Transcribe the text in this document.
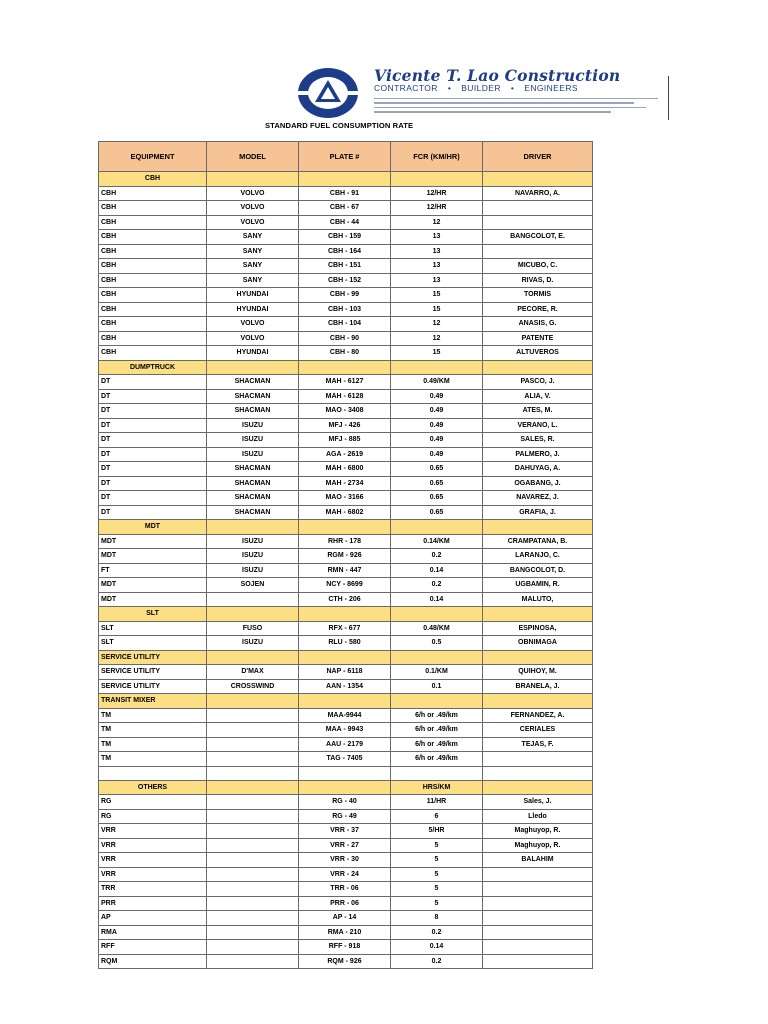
Vicente T. Lao Construction
CONTRACTOR • BUILDER • ENGINEERS
STANDARD FUEL CONSUMPTION RATE
EQUIPMENT	MODEL	PLATE #	FCR (KM/HR)	DRIVER
CBH				
CBH	VOLVO	CBH - 91	12/HR	NAVARRO, A.
CBH	VOLVO	CBH - 67	12/HR	
CBH	VOLVO	CBH - 44	12	
CBH	SANY	CBH - 159	13	BANGCOLOT, E.
CBH	SANY	CBH - 164	13	
CBH	SANY	CBH - 151	13	MICUBO, C.
CBH	SANY	CBH - 152	13	RIVAS, D.
CBH	HYUNDAI	CBH - 99	15	TORMIS
CBH	HYUNDAI	CBH - 103	15	PECORE, R.
CBH	VOLVO	CBH - 104	12	ANASIS, G.
CBH	VOLVO	CBH - 90	12	PATENTE
CBH	HYUNDAI	CBH - 80	15	ALTUVEROS
DUMPTRUCK				
DT	SHACMAN	MAH - 6127	0.49/KM	PASCO, J.
DT	SHACMAN	MAH - 6128	0.49	ALIA, V.
DT	SHACMAN	MAO - 3408	0.49	ATES, M.
DT	ISUZU	MFJ - 426	0.49	VERANO, L.
DT	ISUZU	MFJ - 885	0.49	SALES, R.
DT	ISUZU	AGA - 2619	0.49	PALMERO, J.
DT	SHACMAN	MAH - 6800	0.65	DAHUYAG, A.
DT	SHACMAN	MAH - 2734	0.65	OGABANG, J.
DT	SHACMAN	MAO - 3166	0.65	NAVAREZ, J.
DT	SHACMAN	MAH - 6802	0.65	GRAFIA, J.
MDT				
MDT	ISUZU	RHR - 178	0.14/KM	CRAMPATANA, B.
MDT	ISUZU	RGM - 926	0.2	LARANJO, C.
FT	ISUZU	RMN - 447	0.14	BANGCOLOT, D.
MDT	SOJEN	NCY - 8699	0.2	UGBAMIN, R.
MDT		CTH - 206	0.14	MALUTO,
SLT				
SLT	FUSO	RFX - 677	0.48/KM	ESPINOSA,
SLT	ISUZU	RLU - 580	0.5	OBNIMAGA
SERVICE UTILITY				
SERVICE UTILITY	D'MAX	NAP - 6118	0.1/KM	QUIHOY, M.
SERVICE UTILITY	CROSSWIND	AAN - 1354	0.1	BRANELA, J.
TRANSIT MIXER				
TM		MAA-9944	6/h or .49/km	FERNANDEZ, A.
TM		MAA - 9943	6/h or .49/km	CERIALES
TM		AAU - 2179	6/h or .49/km	TEJAS, F.
TM		TAG - 7405	6/h or .49/km	

OTHERS			HRS/KM	
RG		RG - 40	11/HR	Sales, J.
RG		RG - 49	6	Lledo
VRR		VRR - 37	5/HR	Maghuyop, R.
VRR		VRR - 27	5	Maghuyop, R.
VRR		VRR - 30	5	BALAHIM
VRR		VRR - 24	5	
TRR		TRR - 06	5	
PRR		PRR - 06	5	
AP		AP - 14	8	
RMA		RMA - 210	0.2	
RFF		RFF - 918	0.14	
RQM		RQM - 926	0.2	
